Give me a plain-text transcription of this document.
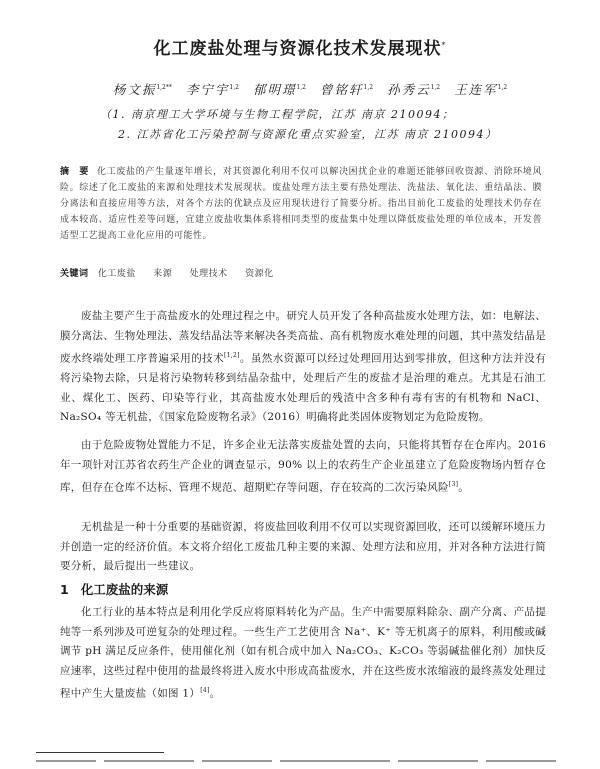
化工废盐处理与资源化技术发展现状*
杨文振$^{1,2**}$ 李宁宇$^{1,2}$ 郁明璟$^{1,2}$ 曾铭轩$^{1,2}$ 孙秀云$^{1,2}$ 王连军$^{1,2}$
（1. 南京理工大学环境与生物工程学院，江苏 南京 210094；
2. 江苏省化工污染控制与资源化重点实验室，江苏 南京 210094）
摘　要 化工废盐的产生量逐年增长，对其资源化利用不仅可以解决困扰企业的难题还能够回收资源、消除环境风险。综述了化工废盐的来源和处理技术发展现状。废盐处理方法主要有热处理法、洗盐法、氧化法、重结晶法、膜分离法和直接应用等方法，对各个方法的优缺点及应用现状进行了简要分析。指出目前化工废盐的处理技术仍存在成本较高、适应性差等问题，宜建立废盐收集体系将相同类型的废盐集中处理以降低废盐处理的单位成本，开发普适型工艺提高工业化应用的可能性。
关键词 化工废盐 来源 处理技术 资源化

废盐主要产生于高盐废水的处理过程之中。研究人员开发了各种高盐废水处理方法，如：电解法、膜分离法、生物处理法、蒸发结晶法等来解决各类高盐、高有机物废水难处理的问题，其中蒸发结晶是废水终端处理工序普遍采用的技术[1,2]。虽然水资源可以经过处理回用达到零排放，但这种方法并没有将污染物去除，只是将污染物转移到结晶杂盐中，处理后产生的废盐才是治理的难点。尤其是石油工业、煤化工、医药、印染等行业，其高盐废水处理后的残渣中含多种有毒有害的有机物和 NaCl、Na₂SO₄ 等无机盐，《国家危险废物名录》（2016）明确将此类固体废物划定为危险废物。

由于危险废物处置能力不足，许多企业无法落实废盐处置的去向，只能将其暂存在仓库内。2016 年一项针对江苏省农药生产企业的调查显示，90% 以上的农药生产企业虽建立了危险废物场内暂存仓库，但存在仓库不达标、管理不规范、超期贮存等问题，存在较高的二次污染风险[3]。

无机盐是一种十分重要的基础资源，将废盐回收利用不仅可以实现资源回收，还可以缓解环境压力并创造一定的经济价值。本文将介绍化工废盐几种主要的来源、处理方法和应用，并对各种方法进行简要分析，最后提出一些建议。

1 化工废盐的来源

化工行业的基本特点是利用化学反应将原料转化为产品。生产中需要原料除杂、副产分离、产品提纯等一系列涉及可逆复杂的处理过程。一些生产工艺使用含 Na⁺、K⁺ 等无机离子的原料，利用酸或碱调节 pH 满足反应条件，使用催化剂（如有机合成中加入 Na₂CO₃、K₂CO₃ 等弱碱盐催化剂）加快反应速率，这些过程中使用的盐最终将进入废水中形成高盐废水，并在这些废水浓缩液的最终蒸发处理过程中产生大量废盐（如图 1）[4]。
